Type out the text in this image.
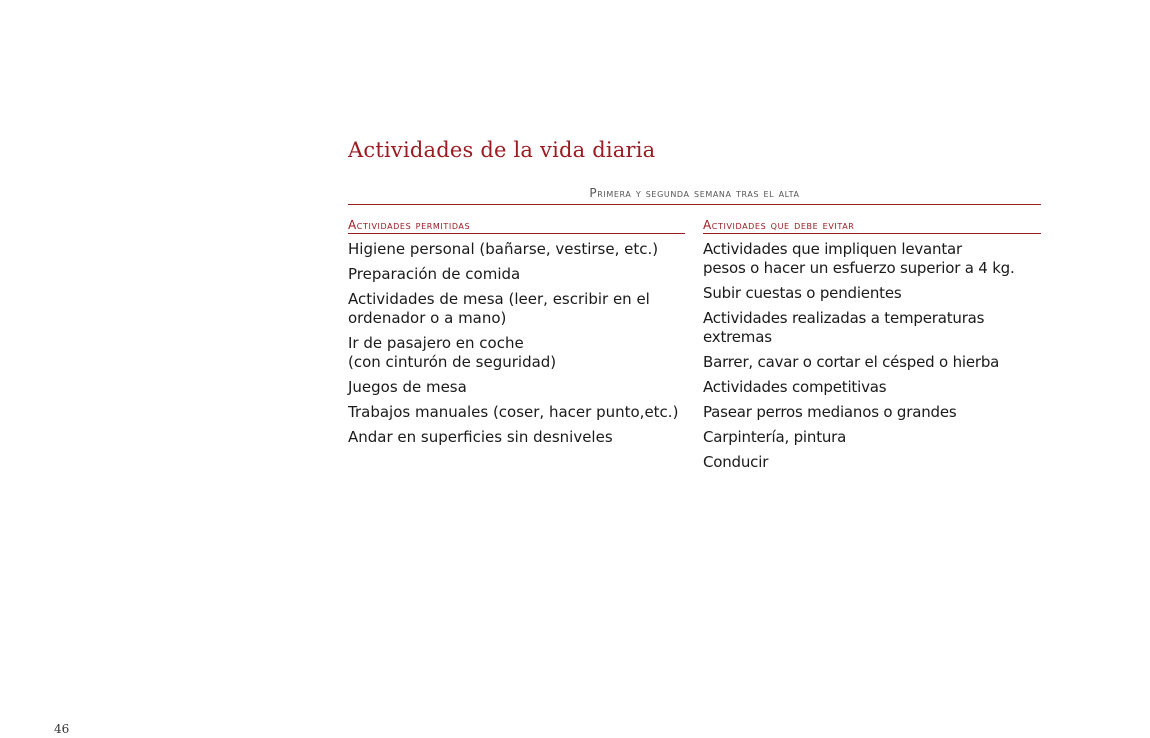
Actividades de la vida diaria
Primera y segunda semana tras el alta
Actividades permitidas
Higiene personal (bañarse, vestirse, etc.)
Preparación de comida
Actividades de mesa (leer, escribir en el
ordenador o a mano)
Ir de pasajero en coche
(con cinturón de seguridad)
Juegos de mesa
Trabajos manuales (coser, hacer punto,etc.)
Andar en superficies sin desniveles
Actividades que debe evitar
Actividades que impliquen levantar
pesos o hacer un esfuerzo superior a 4 kg.
Subir cuestas o pendientes
Actividades realizadas a temperaturas extremas
Barrer, cavar o cortar el césped o hierba
Actividades competitivas
Pasear perros medianos o grandes
Carpintería, pintura
Conducir
46
